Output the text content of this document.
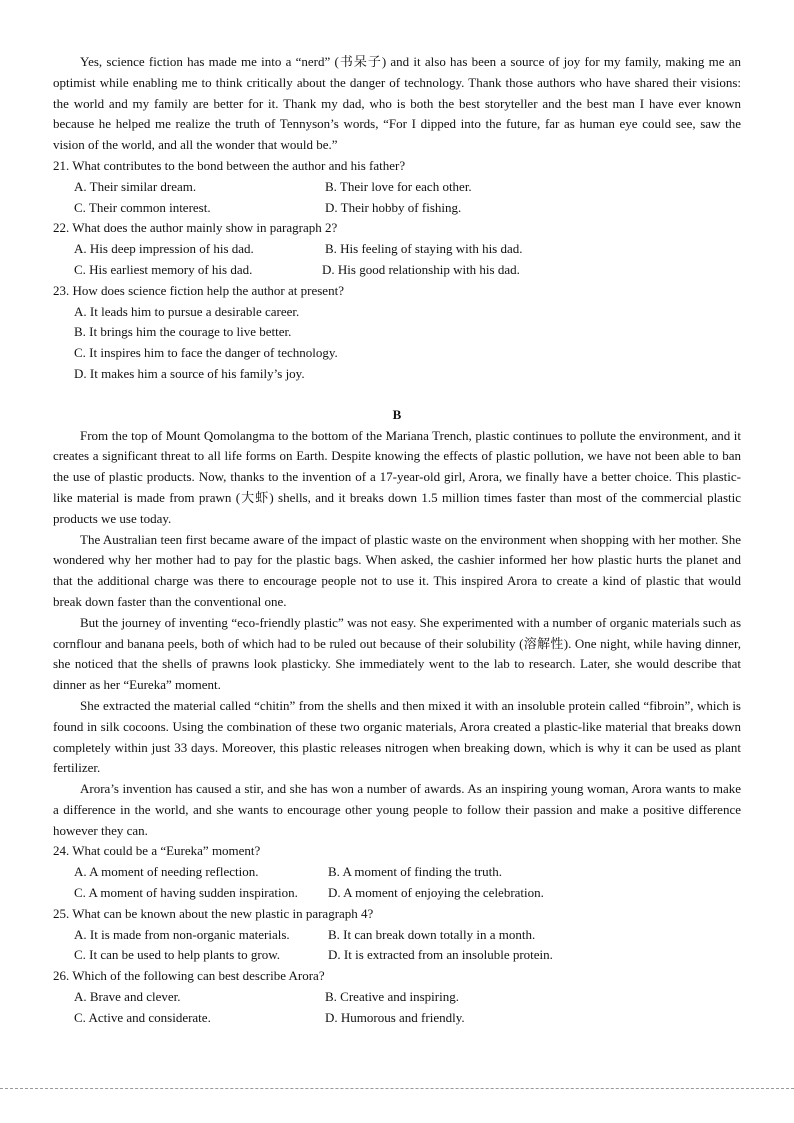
Yes, science fiction has made me into a “nerd” (书呆子) and it also has been a source of joy for my family, making me an optimist while enabling me to think critically about the danger of technology. Thank those authors who have shared their visions: the world and my family are better for it. Thank my dad, who is both the best storyteller and the best man I have ever known because he helped me realize the truth of Tennyson’s words, “For I dipped into the future, far as human eye could see, saw the vision of the world, and all the wonder that would be.”

21. What contributes to the bond between the author and his father?

A. Their similar dream.	B. Their love for each other.
C. Their common interest.	D. Their hobby of fishing.

22. What does the author mainly show in paragraph 2?

A. His deep impression of his dad.	B. His feeling of staying with his dad.
C. His earliest memory of his dad.	D. His good relationship with his dad.

23. How does science fiction help the author at present?

A. It leads him to pursue a desirable career.

B. It brings him the courage to live better.

C. It inspires him to face the danger of technology.

D. It makes him a source of his family’s joy.

B

From the top of Mount Qomolangma to the bottom of the Mariana Trench, plastic continues to pollute the environment, and it creates a significant threat to all life forms on Earth. Despite knowing the effects of plastic pollution, we have not been able to ban the use of plastic products. Now, thanks to the invention of a 17-year-old girl, Arora, we finally have a better choice. This plastic-like material is made from prawn (大虾) shells, and it breaks down 1.5 million times faster than most of the commercial plastic products we use today.

The Australian teen first became aware of the impact of plastic waste on the environment when shopping with her mother. She wondered why her mother had to pay for the plastic bags. When asked, the cashier informed her how plastic hurts the planet and that the additional charge was there to encourage people not to use it. This inspired Arora to create a kind of plastic that would break down faster than the conventional one.

But the journey of inventing “eco-friendly plastic” was not easy. She experimented with a number of organic materials such as cornflour and banana peels, both of which had to be ruled out because of their solubility (溶解性). One night, while having dinner, she noticed that the shells of prawns look plasticky. She immediately went to the lab to research. Later, she would describe that dinner as her “Eureka” moment.

She extracted the material called “chitin” from the shells and then mixed it with an insoluble protein called “fibroin”, which is found in silk cocoons. Using the combination of these two organic materials, Arora created a plastic-like material that breaks down completely within just 33 days. Moreover, this plastic releases nitrogen when breaking down, which is why it can be used as plant fertilizer.

Arora’s invention has caused a stir, and she has won a number of awards. As an inspiring young woman, Arora wants to make a difference in the world, and she wants to encourage other young people to follow their passion and make a positive difference however they can.

24. What could be a “Eureka” moment?

A. A moment of needing reflection.	B. A moment of finding the truth.
C. A moment of having sudden inspiration.	D. A moment of enjoying the celebration.

25. What can be known about the new plastic in paragraph 4?

A. It is made from non-organic materials.	B. It can break down totally in a month.
C. It can be used to help plants to grow.	D. It is extracted from an insoluble protein.

26. Which of the following can best describe Arora?

A. Brave and clever.	B. Creative and inspiring.
C. Active and considerate.	D. Humorous and friendly.
